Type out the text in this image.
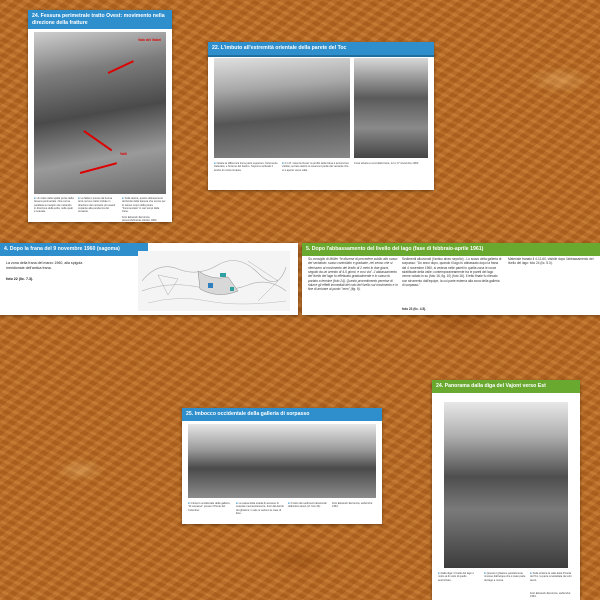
24. Fessura perimetrale tratto Ovest: movimento nella direzione della fratture
Vaio dei Valori
Valli
■ Un tratto della spalla ponte della fessura perimetrale. Ora norma parallela ai margini sta mettendo in direzione della polla, nelle quali è scavata.
■ La falda è presso da buona terra nel suo tratto iniziale in direzione del versante più avanti costante alla pendenza del versante.
■ Sulla destra, questo allineamento del bordo della fessura che scorre per lo stesso corpo della pietra "frammentata" in vari tempi dalle frane.
Foto Edoardo Semenza, presumibilmente ottobre 1963.
22. L'imbuto all'estremità orientale della parete del Toc
■ Notare la differenza tra la parte superiore, fortemente fratturata, e l'interno del bacino. Sopra la verticale il lembo di roccia rimasta.
■ Il C.R. vista da Ovest: la profilo della frana è ancora ben visibile; sul lato destro si osserva il piede del versante che si è aperto verso valle.
Cosa situata a nord della frana, 12 e 17 novembre 1963.
4. Dopo la frana del 9 novembre 1960 (sagoma)
La zona della frana del marzo 1960, alla spigola meridionale dell'antica frana.
foto 22 (lic. 7.3).
5. Dopo l'abbassamento del livello del lago (fase di febbraio-aprile 1961)
Su consiglio di Müller "le discese di procedere subito allo svaso del serbatoio: svaso controllato e graduale, nel senso che si riferissero al movimento del livello di 2 metri in due giorni, seguito da un arresto di 4-5 giorni, e così via". L'abbassamento del livello del lago fu effettuato gradualmente e lo svaso fu portato a termine (foto 24). Questo procedimento permise di ridurre gli effetti immediati del calo del livello sul movimento e in fine di arrivare al punto "zero" (fig. 9).
Sedimenti alluvionali (l'antico alveo sepolto) - Lo scavo della galleria di sorpasso: "Un anno dopo, quando il lago fu abbassato dopo la frana del 4 novembre 1960, si vedeva nelle pareti in quella zona le rocce stratificate della valle; contemporaneamente tra le pareti del lago venne notato in su (foto 16, fig. 10) (foto 16). Il letto finale fu rilevato con strumento dall'equipe, la cui parte esterna alla zona della galleria di sorpasso."
foto 23 (lic. 4.5).
Materiale franato il 4-11-60, visibile dopo l'abbassamento del livello del lago: foto 24 (lic. 5.3).
25. Imbocco occidentale della galleria di sorpasso
■ Imbocco occidentale della galleria "di sorpasso" presso il Ponte del Colomber.
■ La cassa della strada di accesso fu scavata meccanicamente, fuori dal detrito dei ghiaioni; in alto si vedono le case di Erto.
■ Il tratto dei sedimenti alluvionali dell'antico alveo (cf. foto 24).
Foto Edoardo Semenza, settembre 1961.
24. Panorama dalla diga del Vajont verso Est
■ Dalla diga: il livello del lago è molto al di sotto di quello autorizzato.
■ Questo il ghiaione parzialmente rimosso dall'acqua che è stato parte del lago a monte.
■ Sulla sinistra la valle della Pineda del Toc, la parte smantellata da tutti i lavori.
Foto Edoardo Semenza, settembre 1961.
